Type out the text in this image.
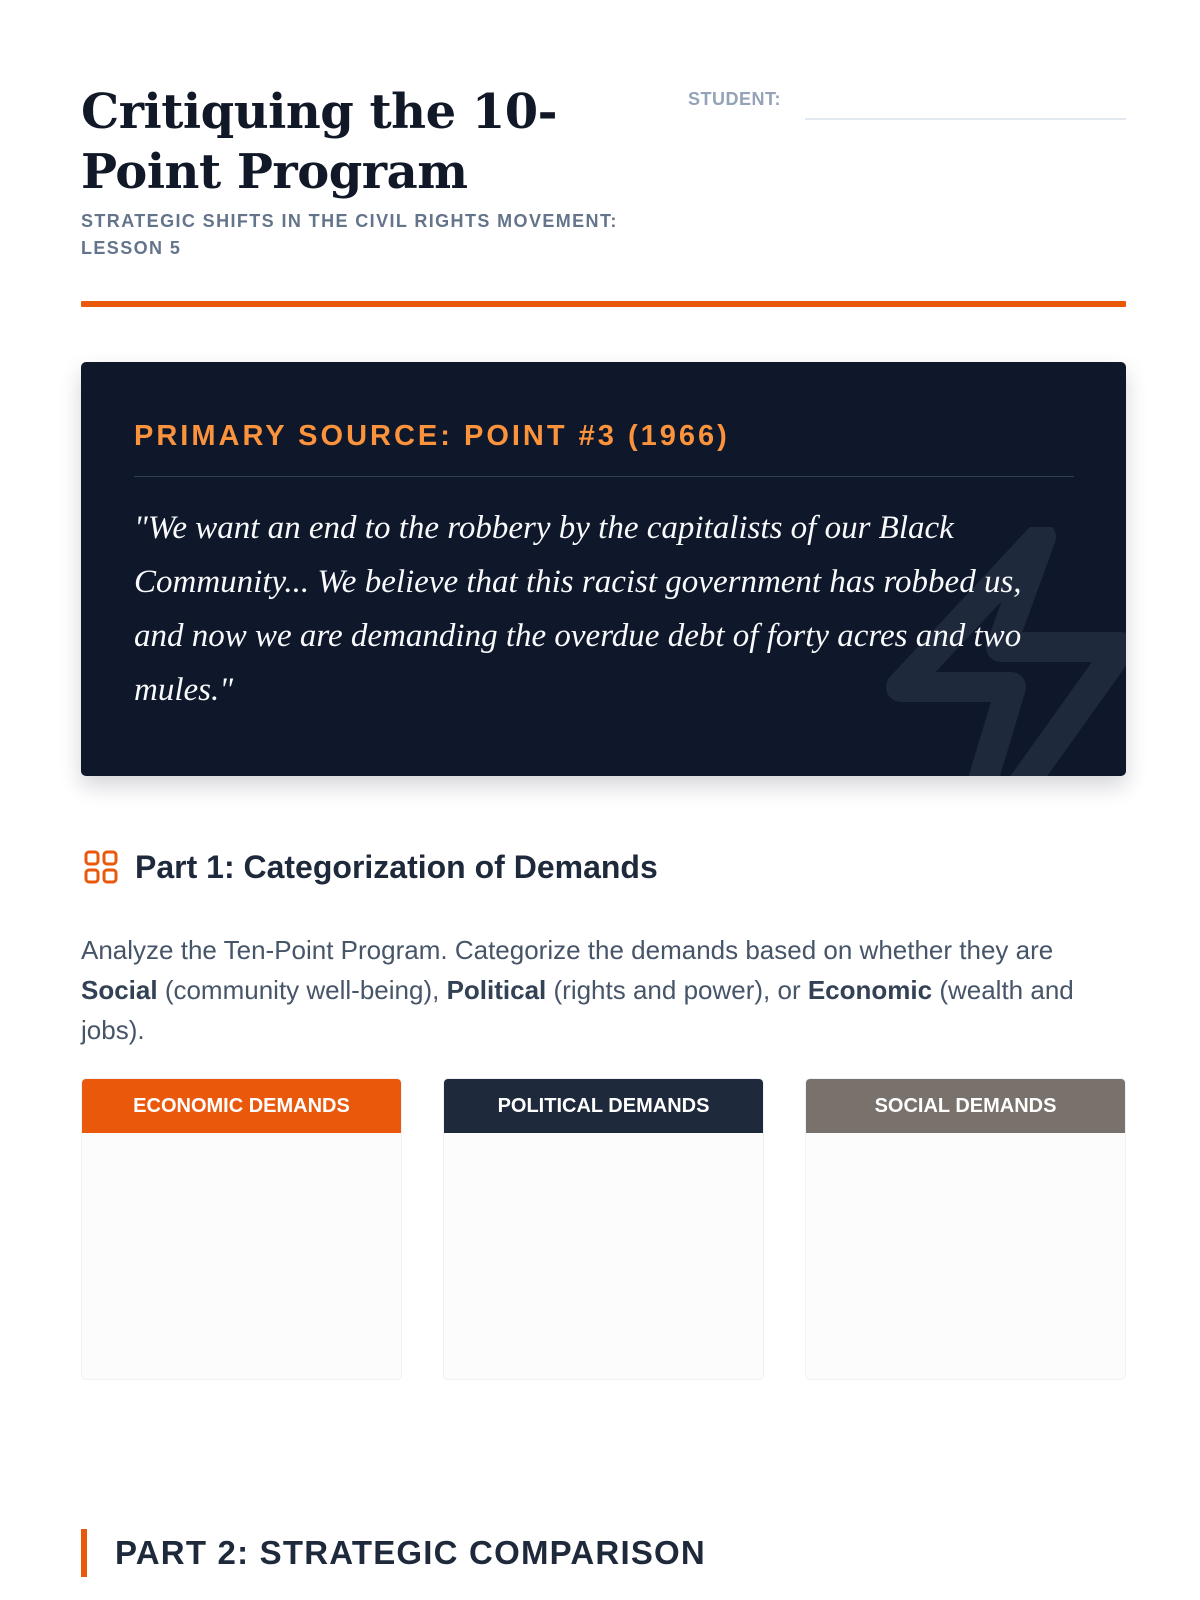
Critiquing the 10-Point Program
STRATEGIC SHIFTS IN THE CIVIL RIGHTS MOVEMENT: LESSON 5
STUDENT:
PRIMARY SOURCE: POINT #3 (1966)

"We want an end to the robbery by the capitalists of our Black Community... We believe that this racist government has robbed us, and now we are demanding the overdue debt of forty acres and two mules."

Part 1: Categorization of Demands

Analyze the Ten-Point Program. Categorize the demands based on whether they are Social (community well-being), Political (rights and power), or Economic (wealth and jobs).

ECONOMIC DEMANDS	POLITICAL DEMANDS	SOCIAL DEMANDS
PART 2: STRATEGIC COMPARISON
